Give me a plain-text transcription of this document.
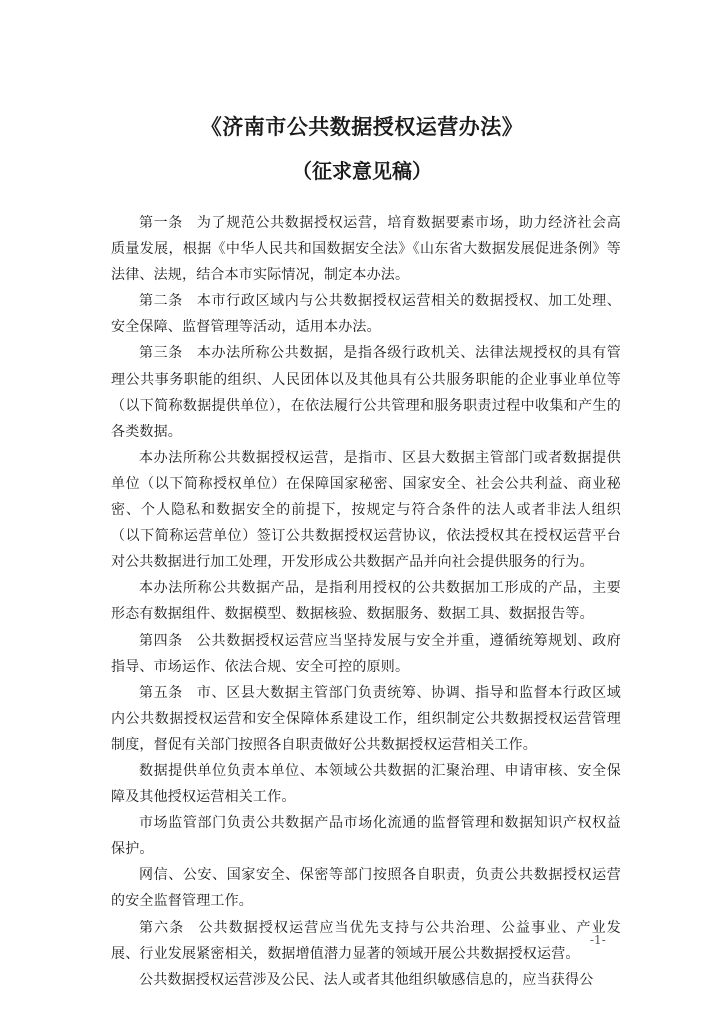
《济南市公共数据授权运营办法》
（征求意见稿）

第一条 为了规范公共数据授权运营，培育数据要素市场，助力经济社会高质量发展，根据《中华人民共和国数据安全法》《山东省大数据发展促进条例》等法律、法规，结合本市实际情况，制定本办法。

第二条 本市行政区域内与公共数据授权运营相关的数据授权、加工处理、安全保障、监督管理等活动，适用本办法。

第三条 本办法所称公共数据，是指各级行政机关、法律法规授权的具有管理公共事务职能的组织、人民团体以及其他具有公共服务职能的企业事业单位等（以下简称数据提供单位），在依法履行公共管理和服务职责过程中收集和产生的各类数据。

本办法所称公共数据授权运营，是指市、区县大数据主管部门或者数据提供单位（以下简称授权单位）在保障国家秘密、国家安全、社会公共利益、商业秘密、个人隐私和数据安全的前提下，按规定与符合条件的法人或者非法人组织（以下简称运营单位）签订公共数据授权运营协议，依法授权其在授权运营平台对公共数据进行加工处理，开发形成公共数据产品并向社会提供服务的行为。

本办法所称公共数据产品，是指利用授权的公共数据加工形成的产品，主要形态有数据组件、数据模型、数据核验、数据服务、数据工具、数据报告等。

第四条 公共数据授权运营应当坚持发展与安全并重，遵循统筹规划、政府指导、市场运作、依法合规、安全可控的原则。

第五条 市、区县大数据主管部门负责统筹、协调、指导和监督本行政区域内公共数据授权运营和安全保障体系建设工作，组织制定公共数据授权运营管理制度，督促有关部门按照各自职责做好公共数据授权运营相关工作。

数据提供单位负责本单位、本领域公共数据的汇聚治理、申请审核、安全保障及其他授权运营相关工作。

市场监管部门负责公共数据产品市场化流通的监督管理和数据知识产权权益保护。

网信、公安、国家安全、保密等部门按照各自职责，负责公共数据授权运营的安全监督管理工作。

第六条 公共数据授权运营应当优先支持与公共治理、公益事业、产业发展、行业发展紧密相关，数据增值潜力显著的领域开展公共数据授权运营。

公共数据授权运营涉及公民、法人或者其他组织敏感信息的，应当获得公

-1-
